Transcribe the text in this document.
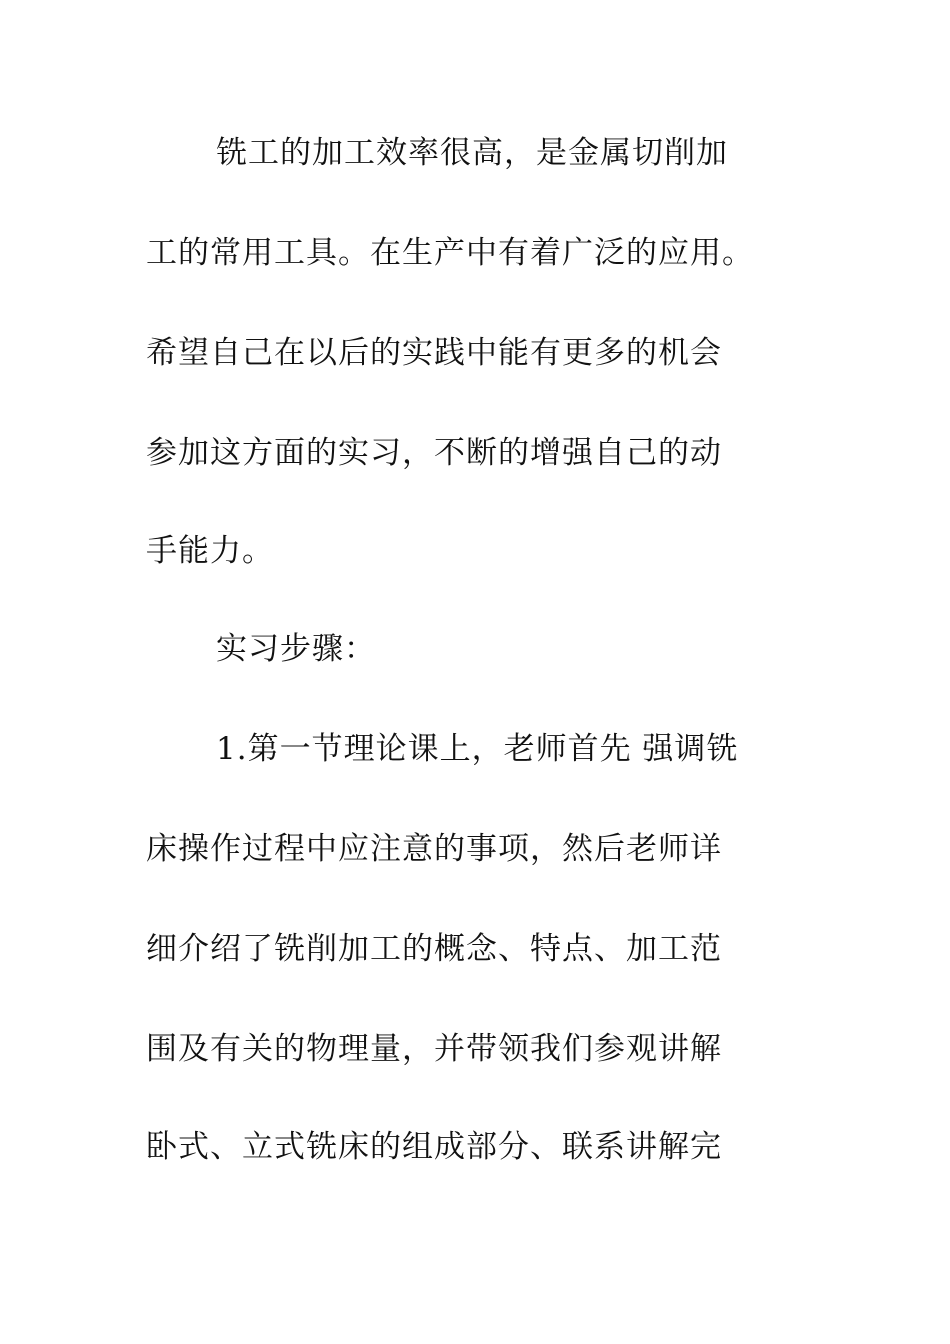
铣工的加工效率很高，是金属切削加
工的常用工具。在生产中有着广泛的应用。
希望自己在以后的实践中能有更多的机会
参加这方面的实习，不断的增强自己的动
手能力。
实习步骤：
1.第一节理论课上，老师首先 强调铣
床操作过程中应注意的事项，然后老师详
细介绍了铣削加工的概念、特点、加工范
围及有关的物理量，并带领我们参观讲解
卧式、立式铣床的组成部分、联系讲解完
